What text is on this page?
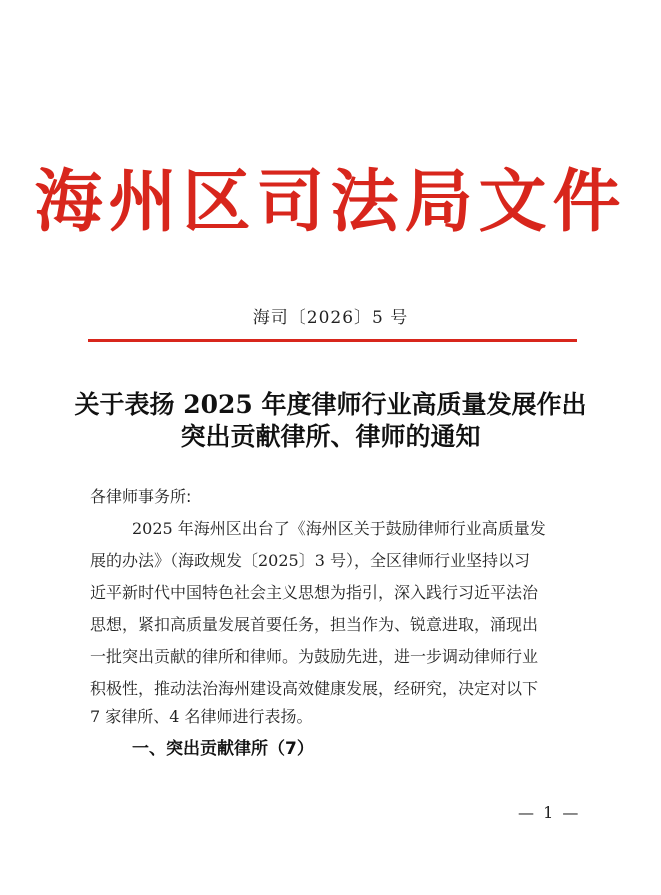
海州区司法局文件
海司〔2026〕5 号
关于表扬 2025 年度律师行业高质量发展作出
突出贡献律所、律师的通知
各律师事务所:
2025 年海州区出台了《海州区关于鼓励律师行业高质量发
展的办法》（海政规发〔2025〕3 号），全区律师行业坚持以习
近平新时代中国特色社会主义思想为指引，深入践行习近平法治
思想，紧扣高质量发展首要任务，担当作为、锐意进取，涌现出
一批突出贡献的律所和律师。为鼓励先进，进一步调动律师行业
积极性，推动法治海州建设高效健康发展，经研究，决定对以下
7 家律所、4 名律师进行表扬。
一、突出贡献律所（7）
— 1 —
